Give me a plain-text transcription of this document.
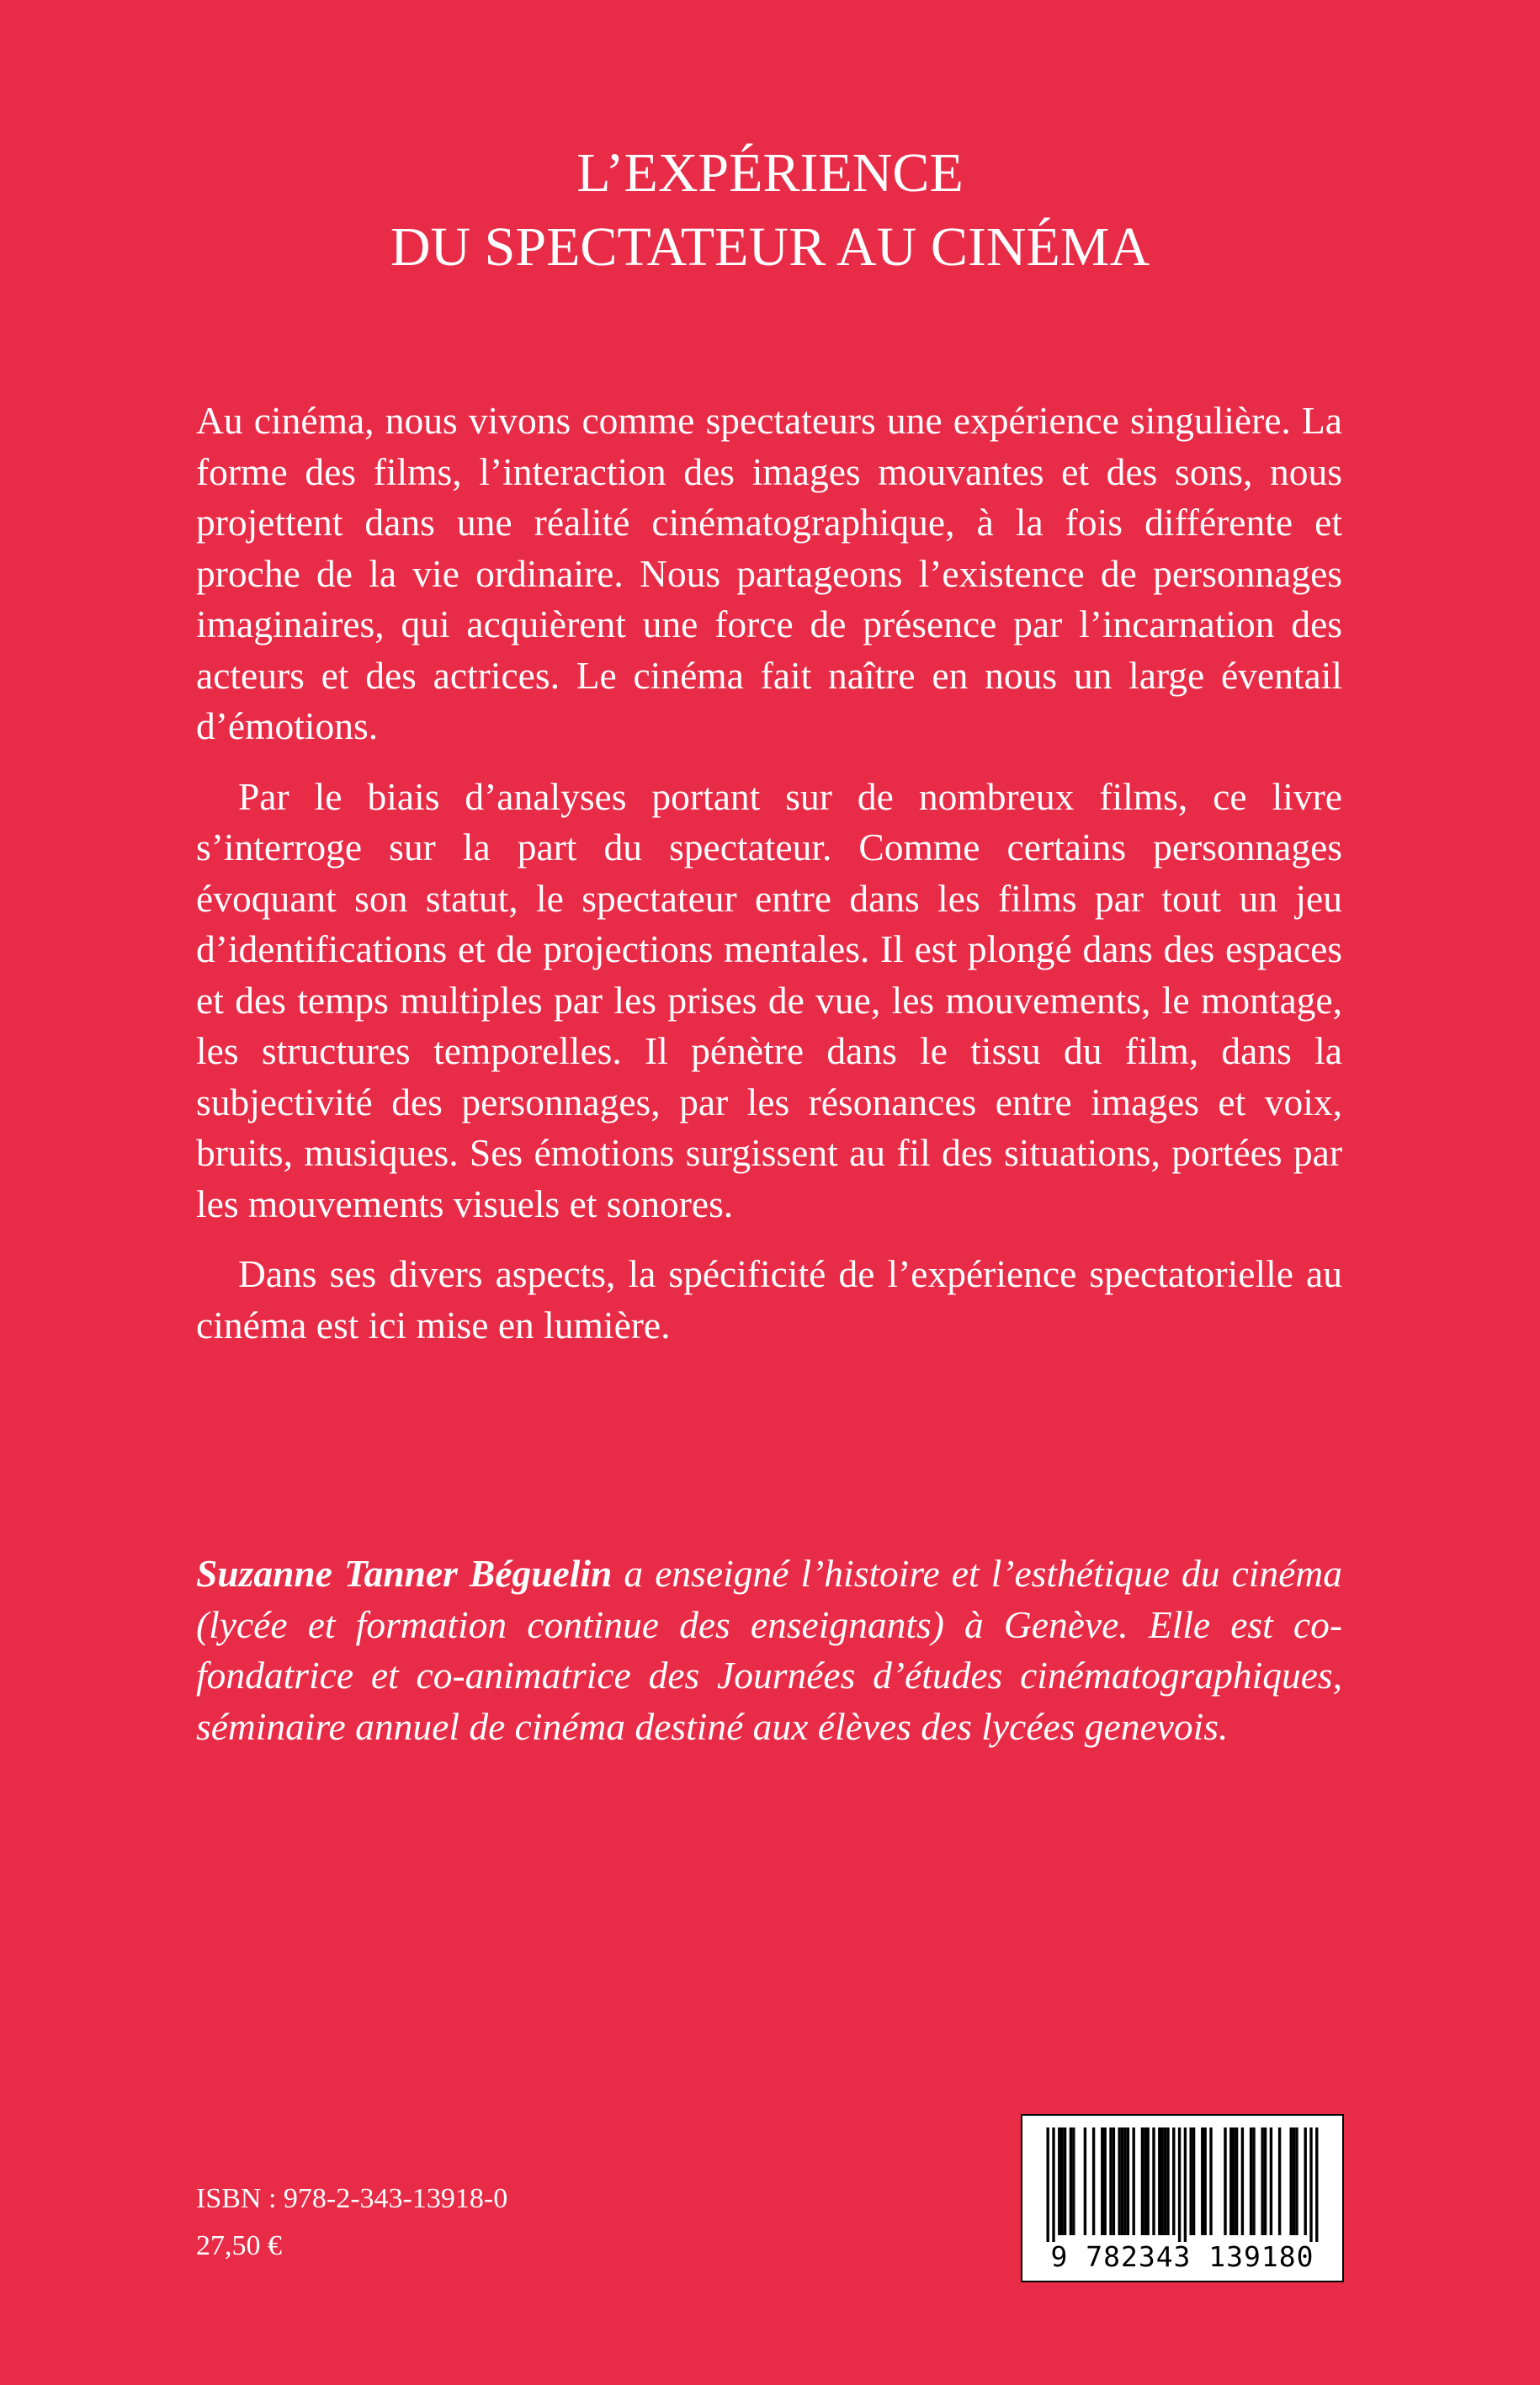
L’EXPÉRIENCE
DU SPECTATEUR AU CINÉMA

Au cinéma, nous vivons comme spectateurs une expérience singulière. La forme des films, l’interaction des images mouvantes et des sons, nous projettent dans une réalité cinématographique, à la fois différente et proche de la vie ordinaire. Nous partageons l’existence de personnages imaginaires, qui acquièrent une force de présence par l’incarnation des acteurs et des actrices. Le cinéma fait naître en nous un large éventail d’émotions.

Par le biais d’analyses portant sur de nombreux films, ce livre s’interroge sur la part du spectateur. Comme certains personnages évoquant son statut, le spectateur entre dans les films par tout un jeu d’identifications et de projections mentales. Il est plongé dans des espaces et des temps multiples par les prises de vue, les mouvements, le montage, les structures temporelles. Il pénètre dans le tissu du film, dans la subjectivité des personnages, par les résonances entre images et voix, bruits, musiques. Ses émotions surgissent au fil des situations, portées par les mouvements visuels et sonores.

Dans ses divers aspects, la spécificité de l’expérience spectatorielle au cinéma est ici mise en lumière.

Suzanne Tanner Béguelin a enseigné l’histoire et l’esthétique du cinéma (lycée et formation continue des enseignants) à Genève. Elle est co-fondatrice et co-animatrice des Journées d’études cinématographiques, séminaire annuel de cinéma destiné aux élèves des lycées genevois.
ISBN : 978-2-343-13918-0
27,50 €	9 782343 139180
